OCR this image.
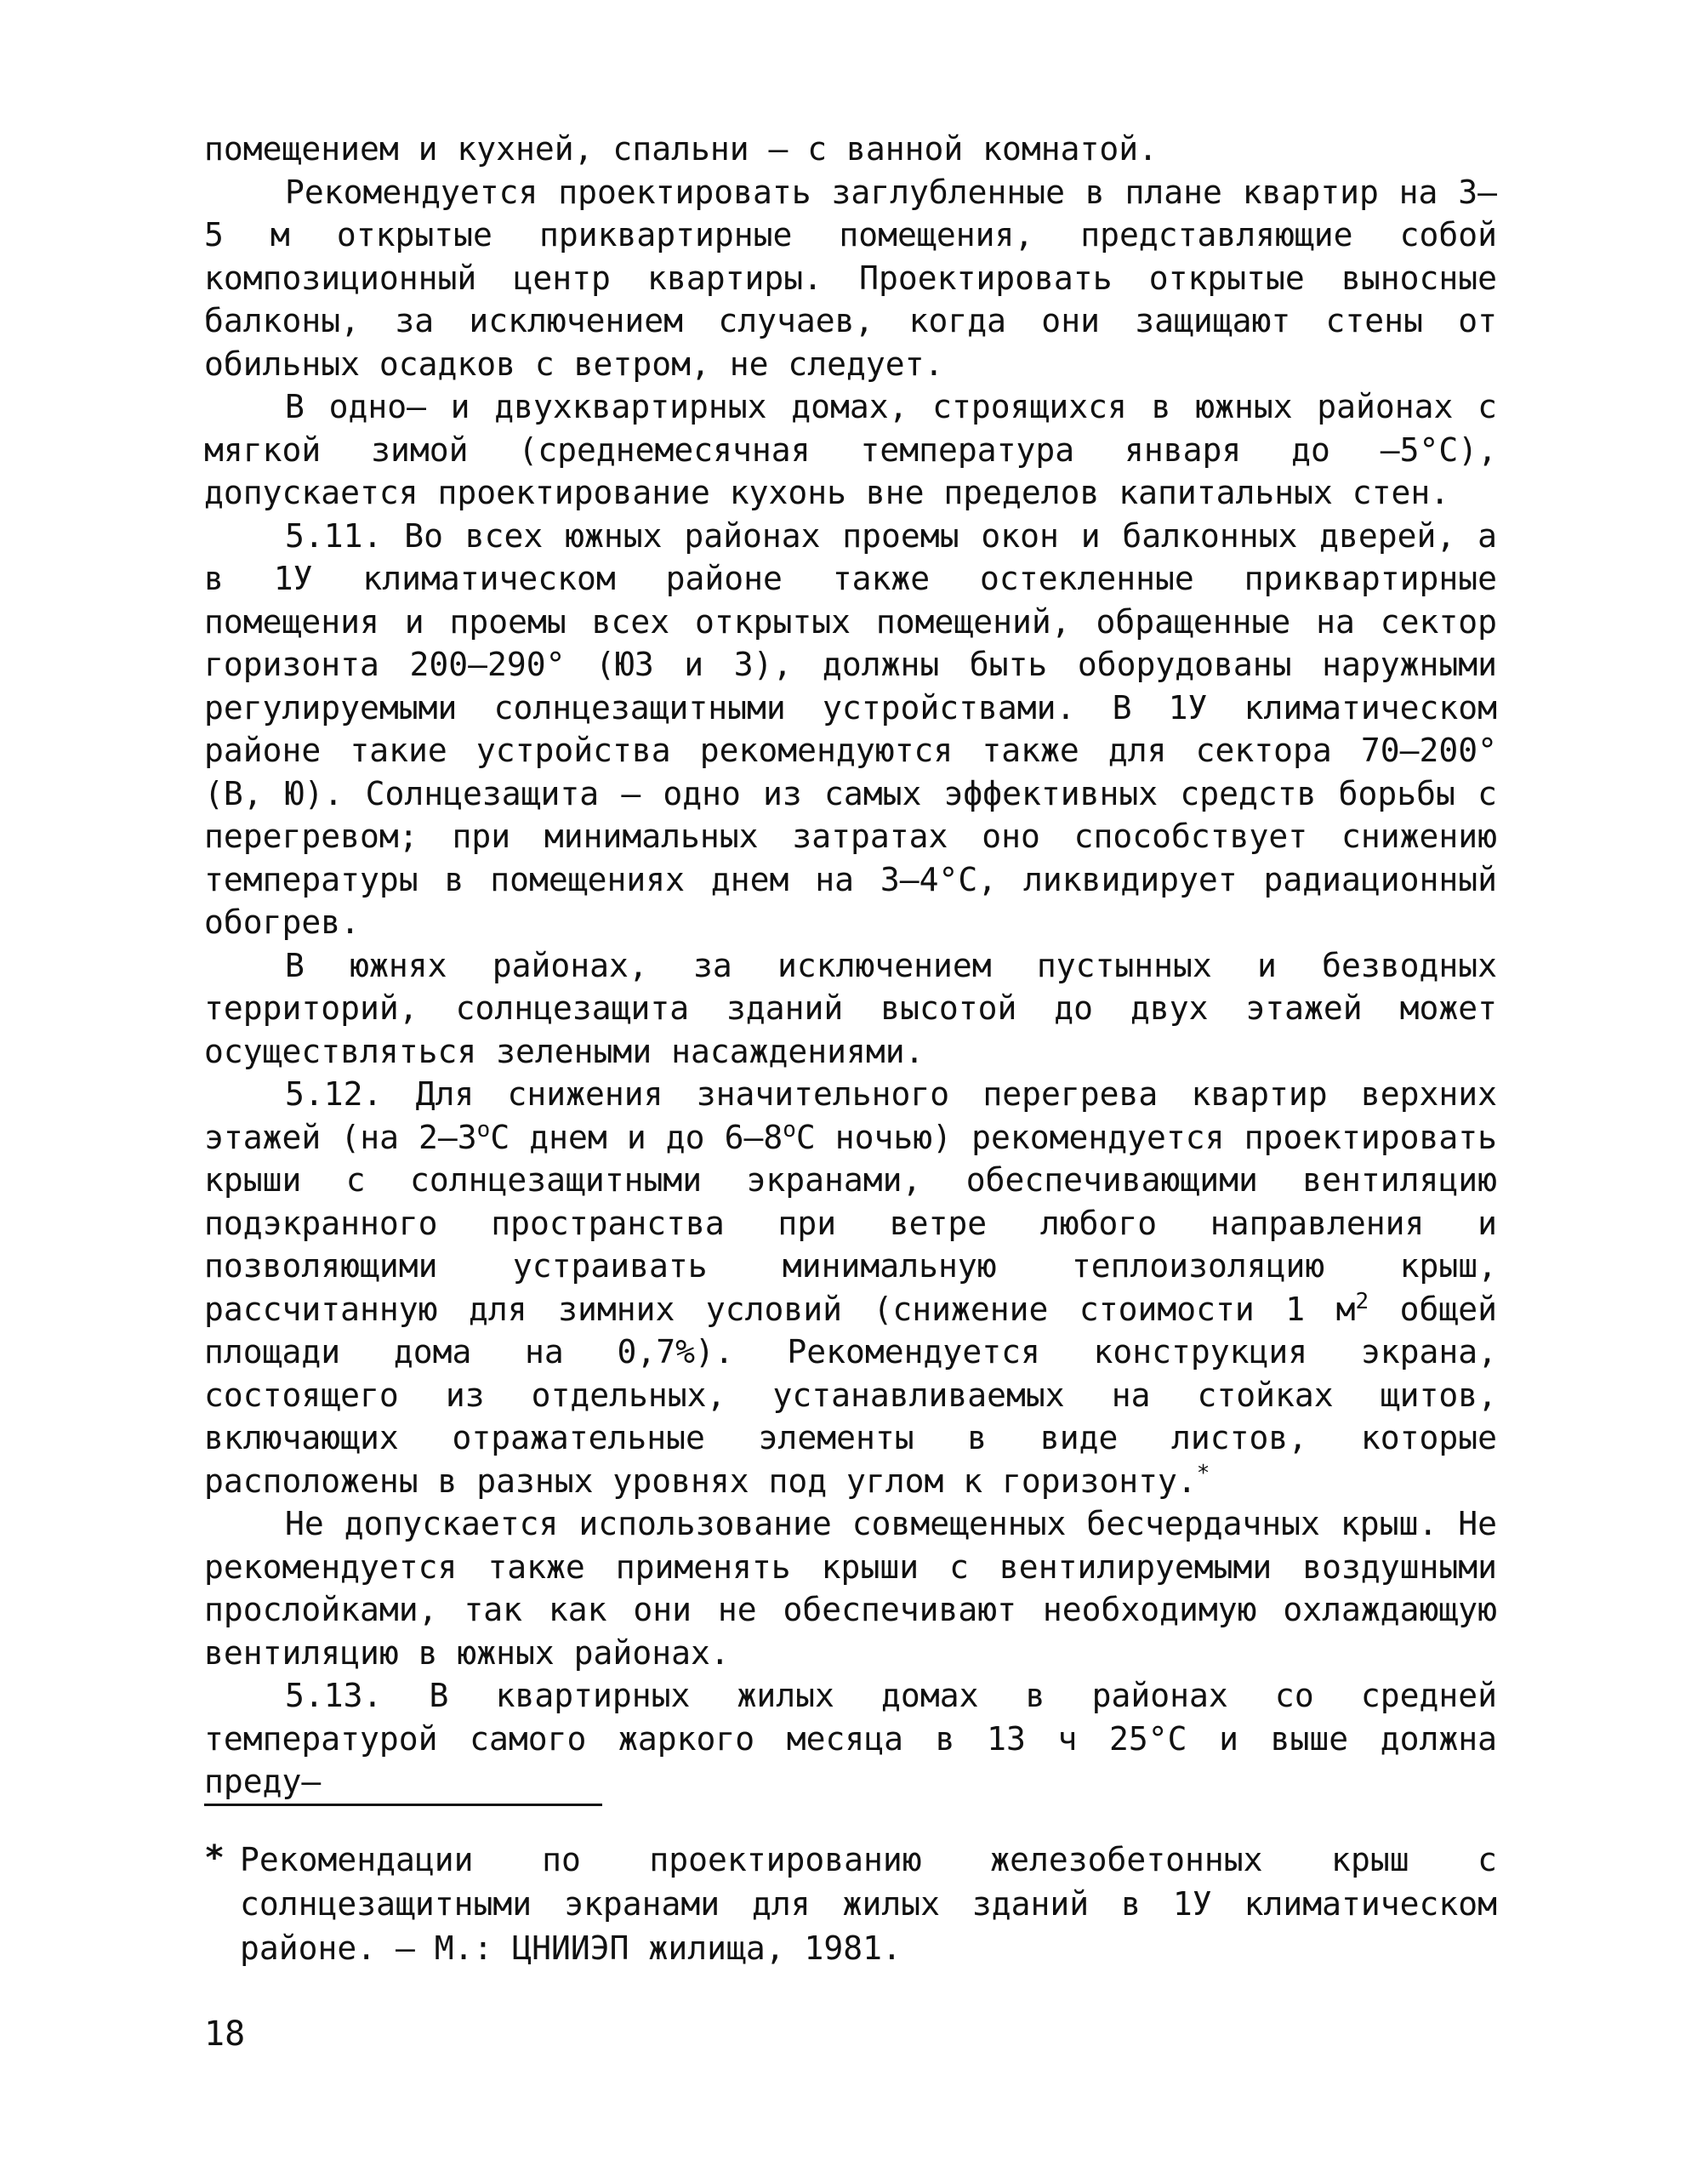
помещением и кухней, спальни – с ванной комнатой.

Рекомендуется проектировать заглубленные в плане квартир на 3–5 м открытые приквартирные помещения, представляющие собой композиционный центр квартиры. Проектировать открытые выносные балконы, за исключением случаев, когда они защищают стены от обильных осадков с ветром, не следует.

В одно– и двухквартирных домах, строящихся в южных районах с мягкой зимой (среднемесячная температура января до –5°С), допускается проектирование кухонь вне пределов капитальных стен.

5.11. Во всех южных районах проемы окон и балконных дверей, а в 1У климатическом районе также остекленные приквартирные помещения и проемы всех открытых помещений, обращенные на сектор горизонта 200–290° (ЮЗ и З), должны быть оборудованы наружными регулируемыми солнцезащитными устройствами. В 1У климатическом районе такие устройства рекомендуются также для сектора 70–200° (В, Ю). Солнцезащита – одно из самых эффективных средств борьбы с перегревом; при минимальных затратах оно способствует снижению температуры в помещениях днем на 3–4°С, ликвидирует радиационный обогрев.

В южнях районах, за исключением пустынных и безводных территорий, солнцезащита зданий высотой до двух этажей может осуществляться зелеными насаждениями.

5.12. Для снижения значительного перегрева квартир верхних этажей (на $2-3^оС$ днем и до $6-8^оС$ ночью) рекомендуется проектировать крыши с солнцезащитными экранами, обеспечивающими вентиляцию подэкранного пространства при ветре любого направления и позволяющими устраивать минимальную теплоизоляцию крыш, рассчитанную для зимних условий (снижение стоимости 1 $м^2$ общей площади дома на 0,7%). Рекомендуется конструкция экрана, состоящего из отдельных, устанавливаемых на стойках щитов, включающих отражательные элементы в виде листов, которые расположены в разных уровнях под углом к горизонту.*

Не допускается использование совмещенных бесчердачных крыш. Не рекомендуется также применять крыши с вентилируемыми воздушными прослойками, так как они не обеспечивают необходимую охлаждающую вентиляцию в южных районах.

5.13. В квартирных жилых домах в районах со средней температурой самого жаркого месяца в 13 ч 25°С и выше должна преду–

* Рекомендации по проектированию железобетонных крыш с солнцезащитными экранами для жилых зданий в 1У климатическом районе. – М.: ЦНИИЭП жилища, 1981.
18
